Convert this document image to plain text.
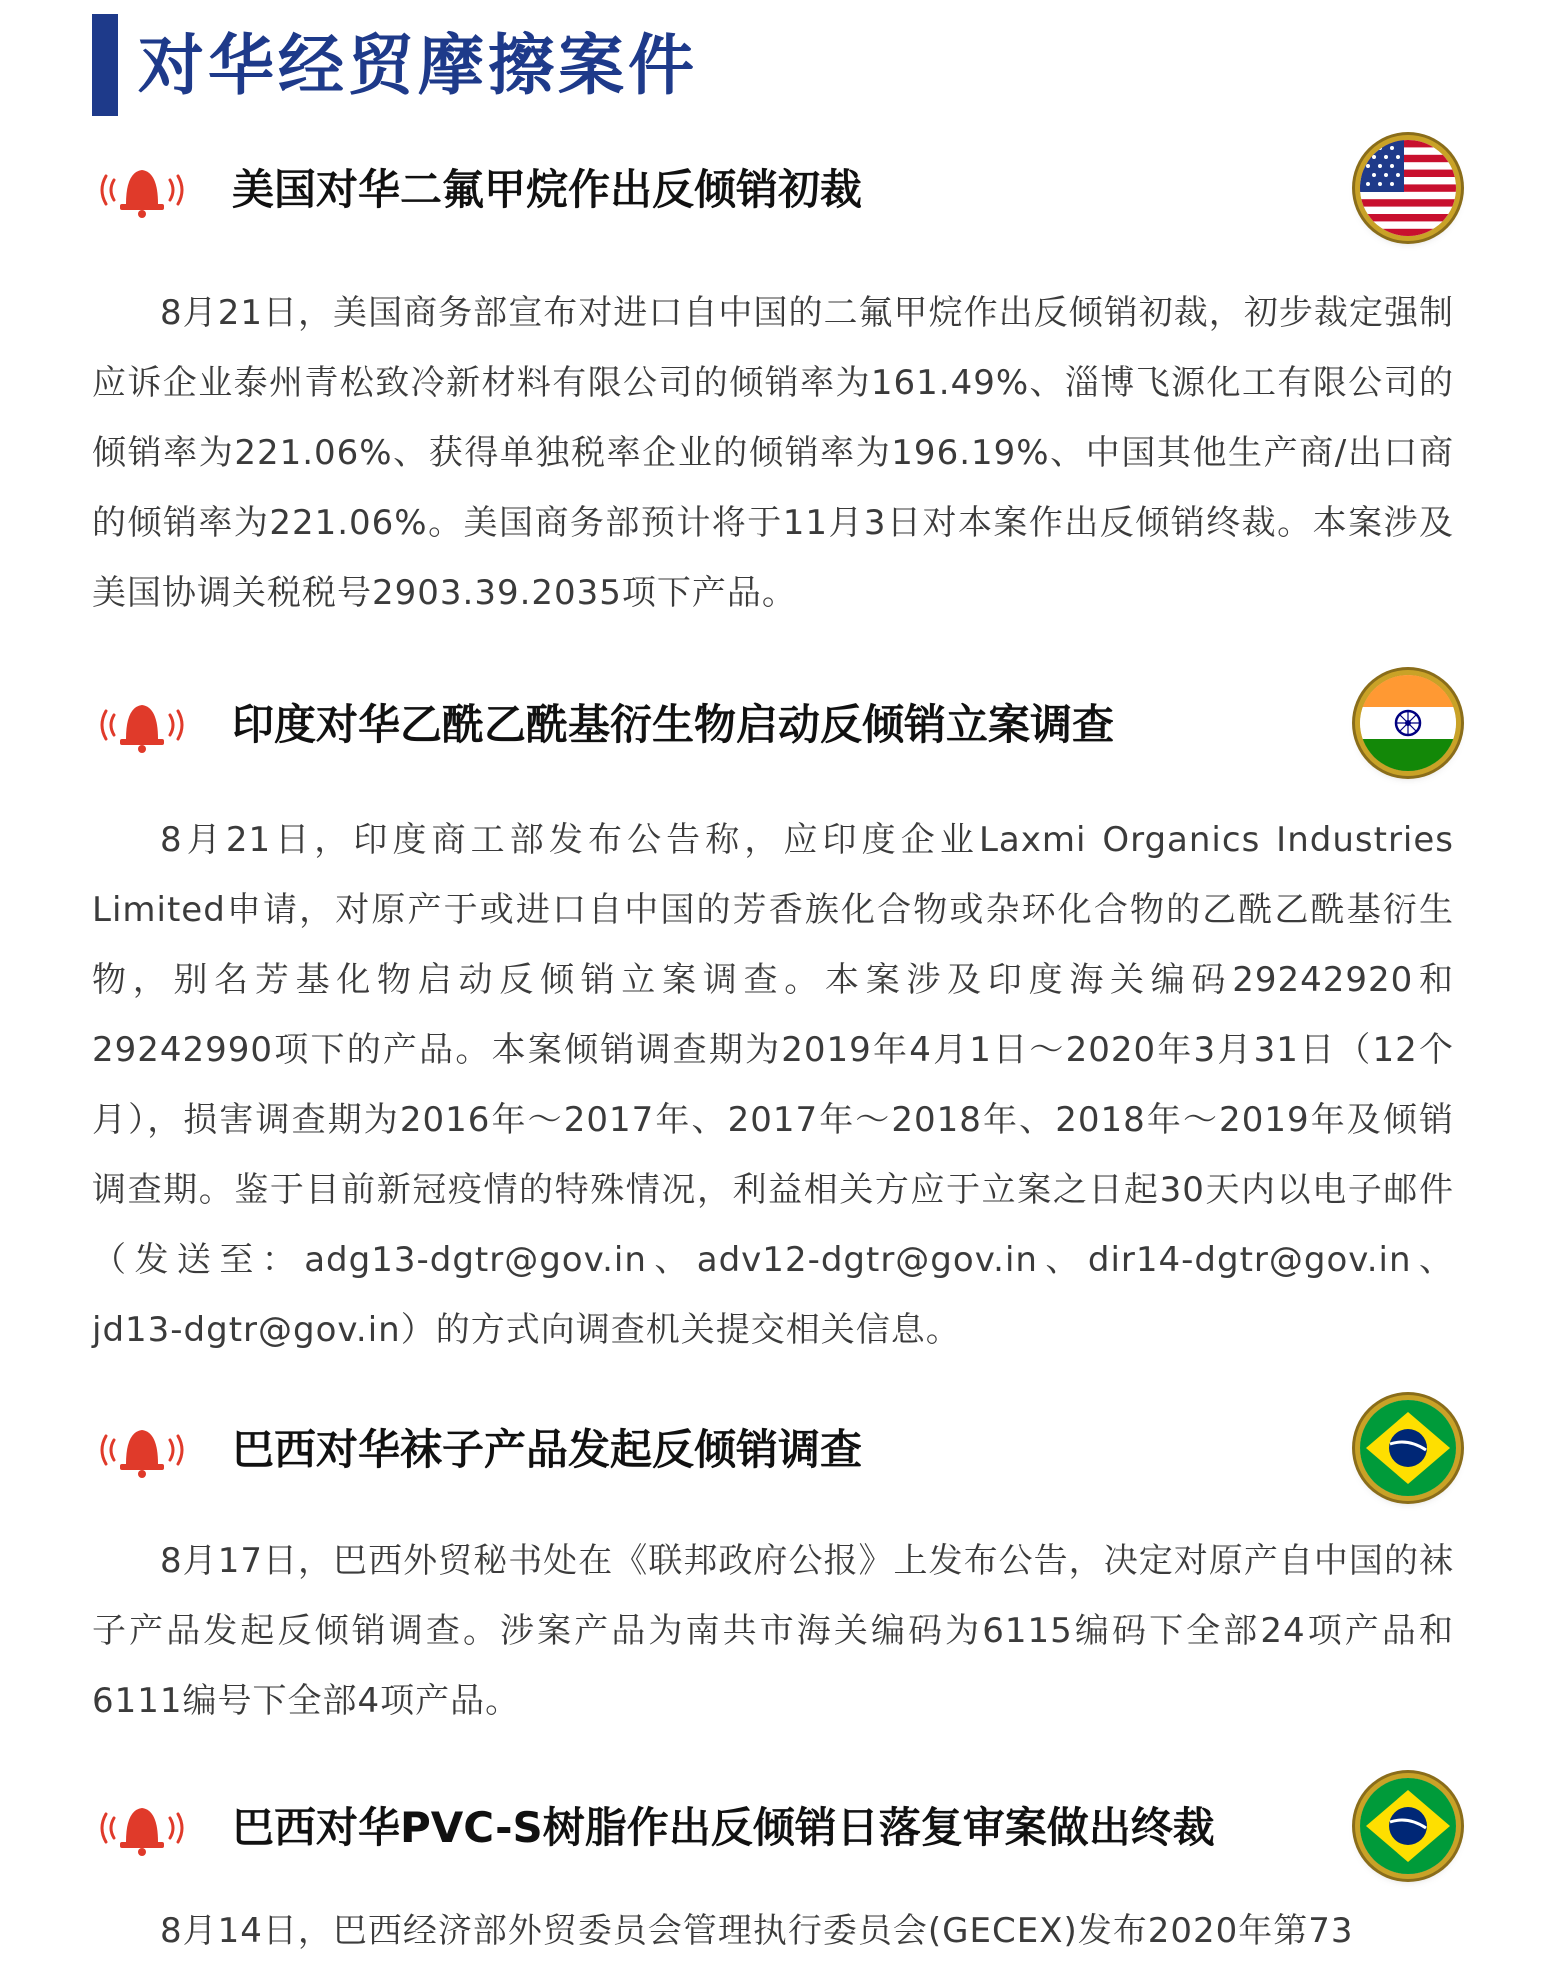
对华经贸摩擦案件
美国对华二氟甲烷作出反倾销初裁

8月21日，美国商务部宣布对进口自中国的二氟甲烷作出反倾销初裁，初步裁定强制应诉企业泰州青松致冷新材料有限公司的倾销率为161.49%、淄博飞源化工有限公司的倾销率为221.06%、获得单独税率企业的倾销率为196.19%、中国其他生产商/出口商的倾销率为221.06%。美国商务部预计将于11月3日对本案作出反倾销终裁。本案涉及美国协调关税税号2903.39.2035项下产品。

印度对华乙酰乙酰基衍生物启动反倾销立案调查

8月21日，印度商工部发布公告称，应印度企业Laxmi Organics Industries Limited申请，对原产于或进口自中国的芳香族化合物或杂环化合物的乙酰乙酰基衍生物，别名芳基化物启动反倾销立案调查。本案涉及印度海关编码29242920和29242990项下的产品。本案倾销调查期为2019年4月1日～2020年3月31日（12个月），损害调查期为2016年～2017年、2017年～2018年、2018年～2019年及倾销调查期。鉴于目前新冠疫情的特殊情况，利益相关方应于立案之日起30天内以电子邮件（发送至：adg13-dgtr@gov.in、adv12-dgtr@gov.in、dir14-dgtr@gov.in、jd13-dgtr@gov.in）的方式向调查机关提交相关信息。

巴西对华袜子产品发起反倾销调查

8月17日，巴西外贸秘书处在《联邦政府公报》上发布公告，决定对原产自中国的袜子产品发起反倾销调查。涉案产品为南共市海关编码为6115编码下全部24项产品和6111编号下全部4项产品。

巴西对华PVC-S树脂作出反倾销日落复审案做出终裁

8月14日，巴西经济部外贸委员会管理执行委员会(GECEX)发布2020年第73
